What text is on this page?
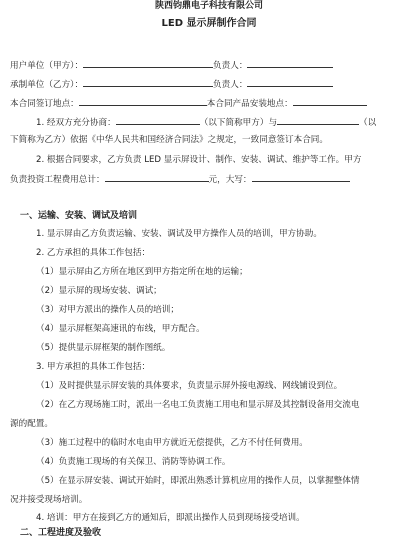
陕西钧鼎电子科技有限公司
LED 显示屏制作合同
用户单位（甲方）：	负责人：
承制单位（乙方）：	负责人：
本合同签订地点：	本合同产品安装地点：
1. 经双方充分协商：	（以下简称甲方）与	（以
下简称为乙方）依据《中华人民共和国经济合同法》之规定，一致同意签订本合同。
2. 根据合同要求，乙方负责 LED 显示屏设计、制作、安装、调试、维护等工作。甲方
负责投资工程费用总计：	元，大写：
一、运输、安装、调试及培训
1. 显示屏由乙方负责运输、安装、调试及甲方操作人员的培训，甲方协助。
2. 乙方承担的具体工作包括：
（1）显示屏由乙方所在地区到甲方指定所在地的运输；
（2）显示屏的现场安装、调试；
（3）对甲方派出的操作人员的培训；
（4）显示屏框架高速讯的布线，甲方配合。
（5）提供显示屏框架的制作图纸。
3. 甲方承担的具体工作包括：
（1）及时提供显示屏安装的具体要求，负责显示屏外接电源线、网线铺设到位。
（2）在乙方现场施工时，派出一名电工负责施工用电和显示屏及其控制设备用交流电
源的配置。
（3）施工过程中的临时水电由甲方就近无偿提供，乙方不付任何费用。
（4）负责施工现场的有关保卫、消防等协调工作。
（5）在显示屏安装、调试开始时，即派出熟悉计算机应用的操作人员，以掌握整体情
况并接受现场培训。
4. 培训：甲方在接到乙方的通知后，即派出操作人员到现场接受培训。
二、工程进度及验收
